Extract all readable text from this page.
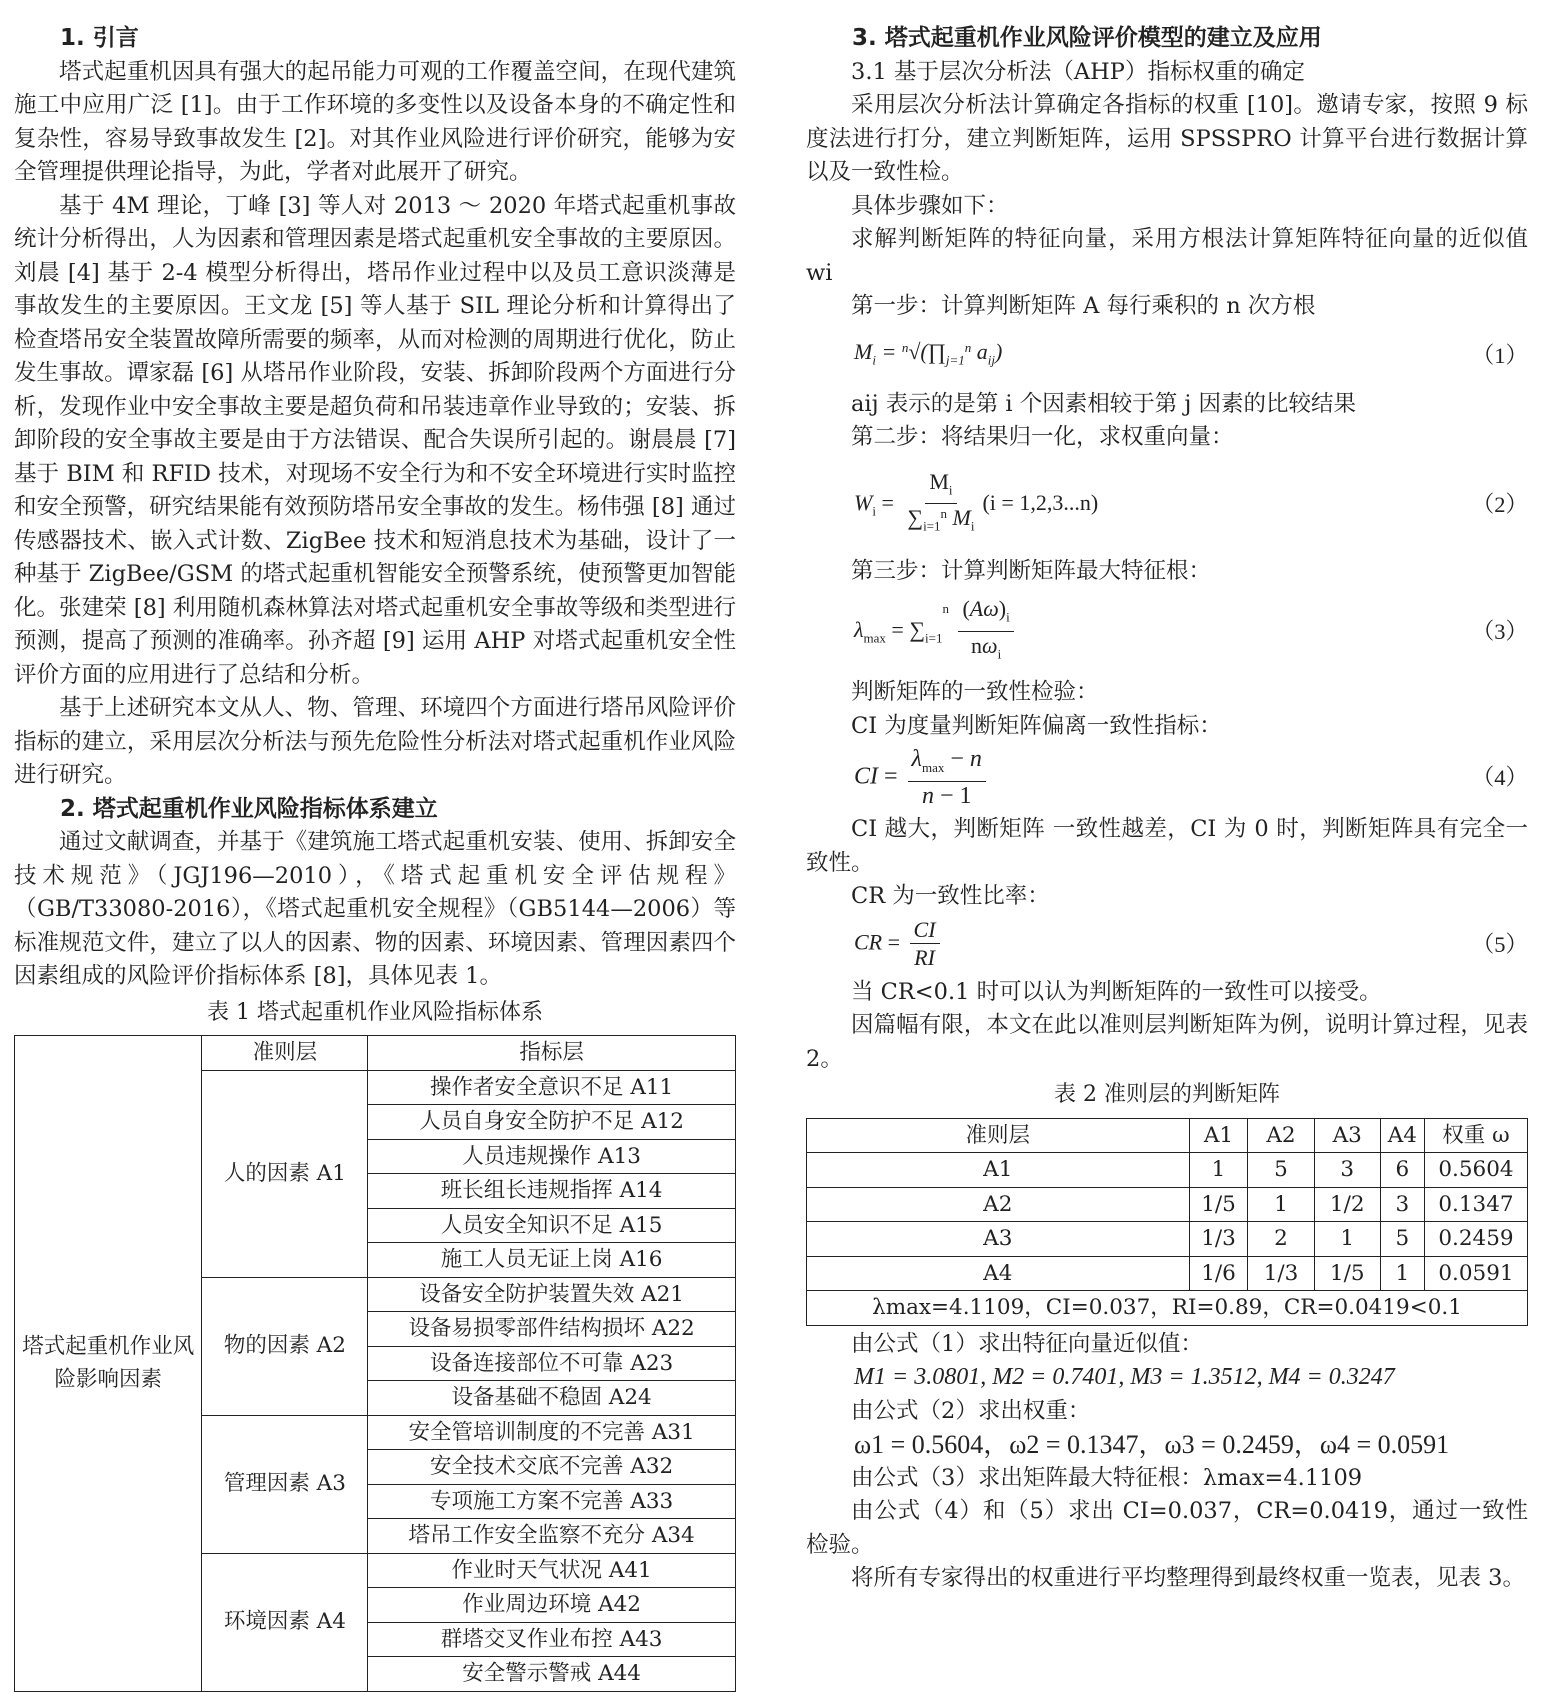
1. 引言

塔式起重机因具有强大的起吊能力可观的工作覆盖空间，在现代建筑施工中应用广泛 [1]。由于工作环境的多变性以及设备本身的不确定性和复杂性，容易导致事故发生 [2]。对其作业风险进行评价研究，能够为安全管理提供理论指导，为此，学者对此展开了研究。

基于 4M 理论，丁峰 [3] 等人对 2013 ～ 2020 年塔式起重机事故统计分析得出，人为因素和管理因素是塔式起重机安全事故的主要原因。刘晨 [4] 基于 2-4 模型分析得出，塔吊作业过程中以及员工意识淡薄是事故发生的主要原因。王文龙 [5] 等人基于 SIL 理论分析和计算得出了检查塔吊安全装置故障所需要的频率，从而对检测的周期进行优化，防止发生事故。谭家磊 [6] 从塔吊作业阶段，安装、拆卸阶段两个方面进行分析，发现作业中安全事故主要是超负荷和吊装违章作业导致的；安装、拆卸阶段的安全事故主要是由于方法错误、配合失误所引起的。谢晨晨 [7] 基于 BIM 和 RFID 技术，对现场不安全行为和不安全环境进行实时监控和安全预警，研究结果能有效预防塔吊安全事故的发生。杨伟强 [8] 通过传感器技术、嵌入式计数、ZigBee 技术和短消息技术为基础，设计了一种基于 ZigBee/GSM 的塔式起重机智能安全预警系统，使预警更加智能化。张建荣 [8] 利用随机森林算法对塔式起重机安全事故等级和类型进行预测，提高了预测的准确率。孙齐超 [9] 运用 AHP 对塔式起重机安全性评价方面的应用进行了总结和分析。

基于上述研究本文从人、物、管理、环境四个方面进行塔吊风险评价指标的建立，采用层次分析法与预先危险性分析法对塔式起重机作业风险进行研究。

2. 塔式起重机作业风险指标体系建立

通过文献调查，并基于《建筑施工塔式起重机安装、使用、拆卸安全技术规范》（JGJ196—2010），《塔式起重机安全评估规程》（GB/T33080-2016），《塔式起重机安全规程》（GB5144—2006）等标准规范文件，建立了以人的因素、物的因素、环境因素、管理因素四个因素组成的风险评价指标体系 [8]，具体见表 1。

表 1 塔式起重机作业风险指标体系
塔式起重机作业风险影响因素	准则层	指标层
	人的因素 A1	操作者安全意识不足 A11
		人员自身安全防护不足 A12
		人员违规操作 A13
		班长组长违规指挥 A14
		人员安全知识不足 A15
		施工人员无证上岗 A16
	物的因素 A2	设备安全防护装置失效 A21
		设备易损零部件结构损坏 A22
		设备连接部位不可靠 A23
		设备基础不稳固 A24
	管理因素 A3	安全管培训制度的不完善 A31
		安全技术交底不完善 A32
		专项施工方案不完善 A33
		塔吊工作安全监察不充分 A34
	环境因素 A4	作业时天气状况 A41
		作业周边环境 A42
		群塔交叉作业布控 A43
		安全警示警戒 A44
3. 塔式起重机作业风险评价模型的建立及应用
3.1 基于层次分析法（AHP）指标权重的确定

采用层次分析法计算确定各指标的权重 [10]。邀请专家，按照 9 标度法进行打分，建立判断矩阵，运用 SPSSPRO 计算平台进行数据计算以及一致性检。

具体步骤如下：

求解判断矩阵的特征向量，采用方根法计算矩阵特征向量的近似值 wi

第一步：计算判断矩阵 A 每行乘积的 n 次方根

$M_i$ = $^n√(\prod_{j=1}^n$ $a_{ij}$)	（1）

aij 表示的是第 i 个因素相较于第 j 因素的比较结果

第二步：将结果归一化，求权重向量：

$W_i = \frac{M_i}{\sum_{i=1}^n M_i} (i = 1,2,3...n)$	（2）

第三步：计算判断矩阵最大特征根：

$\lambda_{max} = \sum_{i=1}^n \frac{(A\omega)_i}{n\omega_i}$	（3）

判断矩阵的一致性检验：

CI 为度量判断矩阵偏离一致性指标：

CI = $\frac{\lambda_{max} - n}{n - 1}$	（4）

CI 越大，判断矩阵 一致性越差，CI 为 0 时，判断矩阵具有完全一致性。

CR 为一致性比率：

CR = $\frac{CI}{RI}$	（5）

当 CR<0.1 时可以认为判断矩阵的一致性可以接受。

因篇幅有限，本文在此以准则层判断矩阵为例，说明计算过程，见表 2。

表 2 准则层的判断矩阵
准则层	A1	A2	A3	A4	权重 ω
A1	1	5	3	6	0.5604
A2	1/5	1	1/2	3	0.1347
A3	1/3	2	1	5	0.2459
A4	1/6	1/3	1/5	1	0.0591
λmax=4.1109，CI=0.037，RI=0.89，CR=0.0419<0.1					

由公式（1）求出特征向量近似值：

M1 = 3.0801, M2 = 0.7401, M3 = 1.3512, M4 = 0.3247

由公式（2）求出权重：

ω1 = 0.5604，ω2 = 0.1347，ω3 = 0.2459，ω4 = 0.0591

由公式（3）求出矩阵最大特征根：λmax=4.1109

由公式（4）和（5）求出 CI=0.037，CR=0.0419，通过一致性检验。

将所有专家得出的权重进行平均整理得到最终权重一览表，见表 3。
